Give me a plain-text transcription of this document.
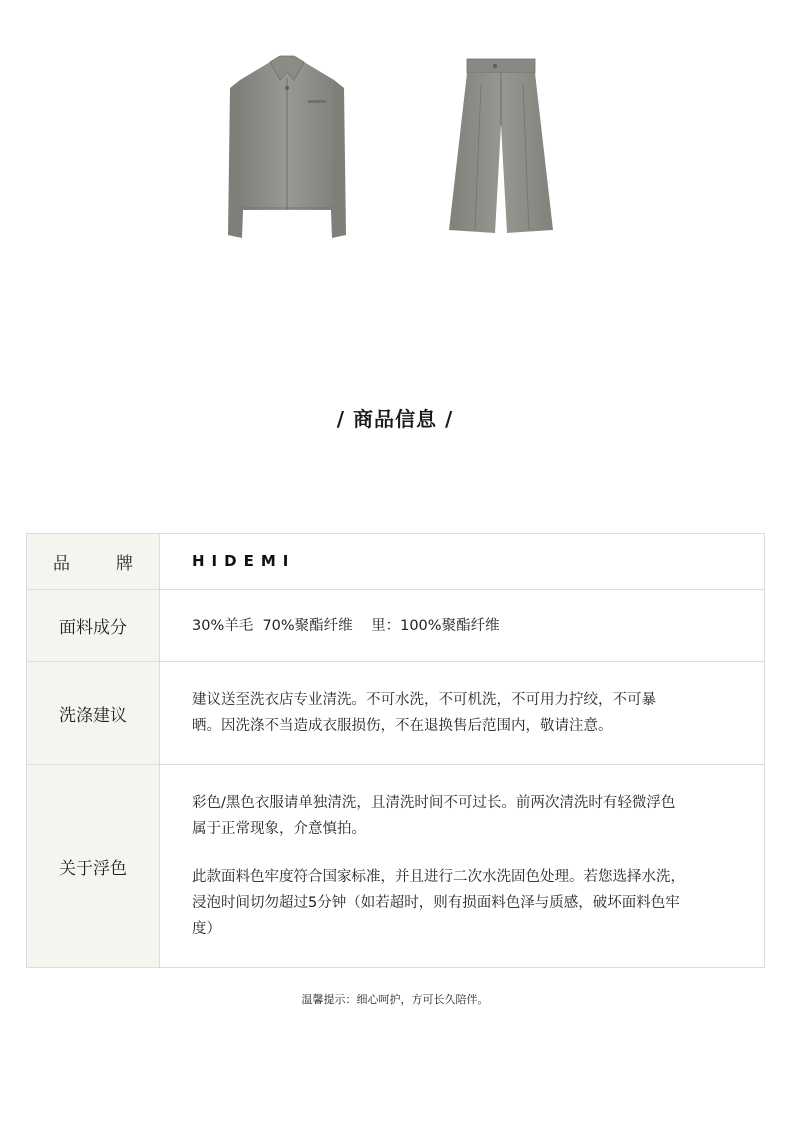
/ 商品信息 /
品 牌	HIDEMI
面料成分	30%羊毛  70%聚酯纤维    里：100%聚酯纤维
洗涤建议	建议送至洗衣店专业清洗。不可水洗，不可机洗，不可用力拧绞，不可暴
晒。因洗涤不当造成衣服损伤，不在退换售后范围内，敬请注意。

关于浮色	彩色/黑色衣服请单独清洗，且清洗时间不可过长。前两次清洗时有轻微浮色
属于正常现象，介意慎拍。
此款面料色牢度符合国家标准，并且进行二次水洗固色处理。若您选择水洗，
浸泡时间切勿超过5分钟（如若超时，则有损面料色泽与质感，破坏面料色牢
度）
温馨提示：细心呵护，方可长久陪伴。
